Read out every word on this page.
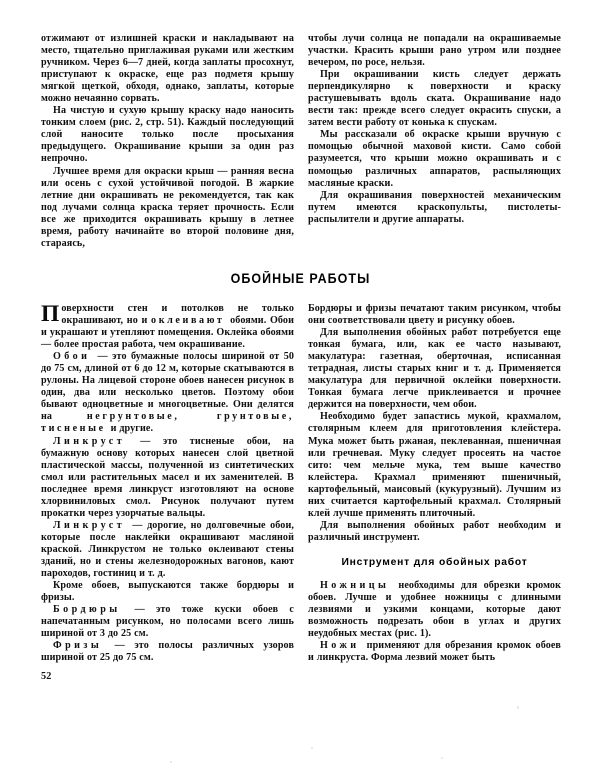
отжимают от излишней краски и накладывают на место, тщательно приглаживая руками или жестким ручником. Через 6—7 дней, когда заплаты просохнут, приступают к окраске, еще раз подметя крышу мягкой щеткой, обходя, однако, заплаты, которые можно нечаянно сорвать.

На чистую и сухую крышу краску надо наносить тонким слоем (рис. 2, стр. 51). Каждый последующий слой наносите только после просыхания предыдущего. Окрашивание крыши за один раз непрочно.

Лучшее время для окраски крыш — ранняя весна или осень с сухой устойчивой погодой. В жаркие летние дни окрашивать не рекомендуется, так как под лучами солнца краска теряет прочность. Если все же приходится окрашивать крышу в летнее время, работу начинайте во второй половине дня, стараясь,

чтобы лучи солнца не попадали на окрашиваемые участки. Красить крыши рано утром или позднее вечером, по росе, нельзя.

При окрашивании кисть следует держать перпендикулярно к поверхности и краску растушевывать вдоль ската. Окрашивание надо вести так: прежде всего следует окрасить спуски, а затем вести работу от конька к спускам.

Мы рассказали об окраске крыши вручную с помощью обычной маховой кисти. Само собой разумеется, что крыши можно окрашивать и с помощью различных аппаратов, распыляющих масляные краски.

Для окрашивания поверхностей механическим путем имеются краскопульты, пистолеты-распылители и другие аппараты.

ОБОЙНЫЕ РАБОТЫ
П оверхности стен и потолков не только окрашивают, но и оклеивают обоями. Обои и украшают и утепляют помещения. Оклейка обоями — более простая работа, чем окрашивание.

Обои — это бумажные полосы шириной от 50 до 75 см, длиной от 6 до 12 м, которые скатываются в рулоны. На лицевой стороне обоев нанесен рисунок в один, два или несколько цветов. Поэтому обои бывают одноцветные и многоцветные. Они делятся на негрунтовые, грунтовые, тисненые и другие.

Линкруст — это тисненые обои, на бумажную основу которых нанесен слой цветной пластической массы, полученной из синтетических смол или растительных масел и их заменителей. В последнее время линкруст изготовляют на основе хлорвиниловых смол. Рисунок получают путем прокатки через узорчатые вальцы.

Линкруст — дорогие, но долговечные обои, которые после наклейки окрашивают масляной краской. Линкрустом не только оклеивают стены зданий, но и стены железнодорожных вагонов, кают пароходов, гостиниц и т. д.

Кроме обоев, выпускаются также бордюры и фризы.

Бордюры — это тоже куски обоев с напечатанным рисунком, но полосами всего лишь шириной от 3 до 25 см.

Фризы — это полосы различных узоров шириной от 25 до 75 см.

Бордюры и фризы печатают таким рисунком, чтобы они соответствовали цвету и рисунку обоев.

Для выполнения обойных работ потребуется еще тонкая бумага, или, как ее часто называют, макулатура: газетная, оберточная, исписанная тетрадная, листы старых книг и т. д. Применяется макулатура для первичной оклейки поверхности. Тонкая бумага легче приклеивается и прочнее держится на поверхности, чем обои.

Необходимо будет запастись мукой, крахмалом, столярным клеем для приготовления клейстера. Мука может быть ржаная, пеклеванная, пшеничная или гречневая. Муку следует просеять на частое сито: чем мельче мука, тем выше качество клейстера. Крахмал применяют пшеничный, картофельный, маисовый (кукурузный). Лучшим из них считается картофельный крахмал. Столярный клей лучше применять плиточный.

Для выполнения обойных работ необходим и различный инструмент.

Инструмент для обойных работ

Ножницы необходимы для обрезки кромок обоев. Лучше и удобнее ножницы с длинными лезвиями и узкими концами, которые дают возможность подрезать обои в углах и других неудобных местах (рис. 1).

Ножи применяют для обрезания кромок обоев и линкруста. Форма лезвий может быть

52
